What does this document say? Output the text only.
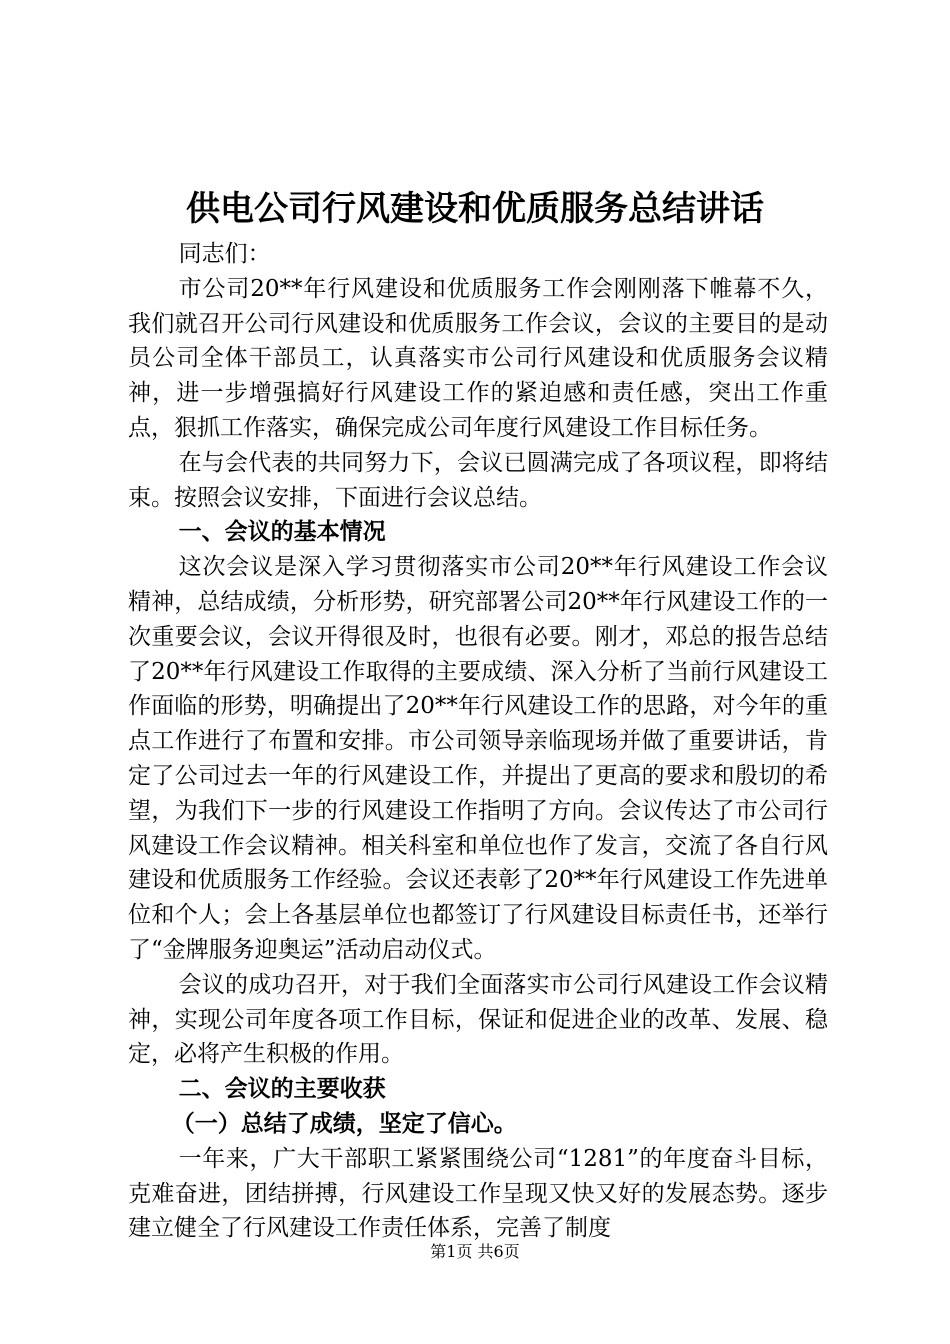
供电公司行风建设和优质服务总结讲话

同志们：

市公司20**年行风建设和优质服务工作会刚刚落下帷幕不久，我们就召开公司行风建设和优质服务工作会议，会议的主要目的是动员公司全体干部员工，认真落实市公司行风建设和优质服务会议精神，进一步增强搞好行风建设工作的紧迫感和责任感，突出工作重点，狠抓工作落实，确保完成公司年度行风建设工作目标任务。

在与会代表的共同努力下，会议已圆满完成了各项议程，即将结束。按照会议安排，下面进行会议总结。

一、会议的基本情况

这次会议是深入学习贯彻落实市公司20**年行风建设工作会议精神，总结成绩，分析形势，研究部署公司20**年行风建设工作的一次重要会议，会议开得很及时，也很有必要。刚才，邓总的报告总结了20**年行风建设工作取得的主要成绩、深入分析了当前行风建设工作面临的形势，明确提出了20**年行风建设工作的思路，对今年的重点工作进行了布置和安排。市公司领导亲临现场并做了重要讲话，肯定了公司过去一年的行风建设工作，并提出了更高的要求和殷切的希望，为我们下一步的行风建设工作指明了方向。会议传达了市公司行风建设工作会议精神。相关科室和单位也作了发言，交流了各自行风建设和优质服务工作经验。会议还表彰了20**年行风建设工作先进单位和个人；会上各基层单位也都签订了行风建设目标责任书，还举行了“金牌服务迎奥运”活动启动仪式。

会议的成功召开，对于我们全面落实市公司行风建设工作会议精神，实现公司年度各项工作目标，保证和促进企业的改革、发展、稳定，必将产生积极的作用。

二、会议的主要收获
（一）总结了成绩，坚定了信心。

一年来，广大干部职工紧紧围绕公司“1281”的年度奋斗目标，克难奋进，团结拼搏，行风建设工作呈现又快又好的发展态势。逐步建立健全了行风建设工作责任体系，完善了制度

第1页 共6页
